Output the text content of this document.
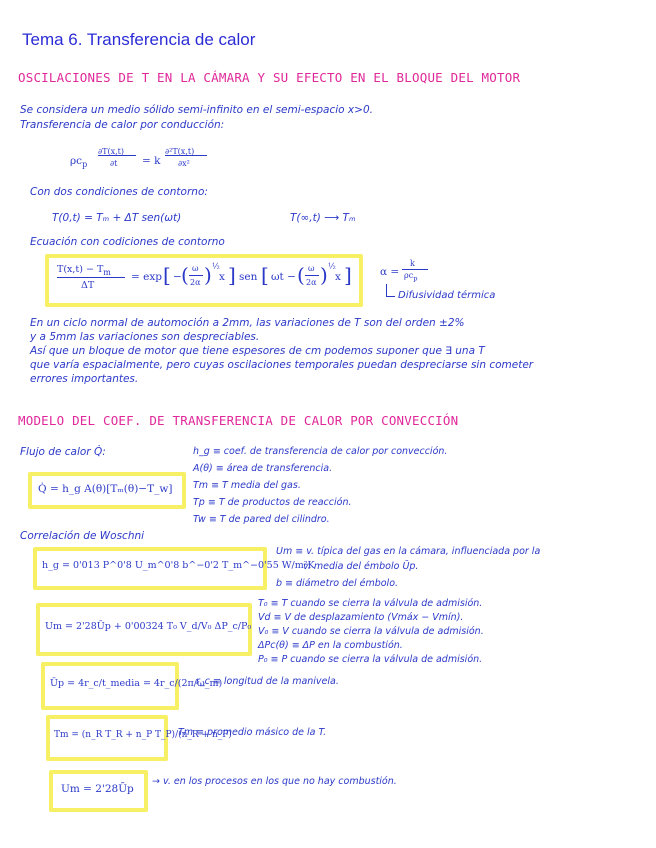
Tema 6. Transferencia de calor
OSCILACIONES DE T EN LA CÁMARA Y SU EFECTO EN EL BLOQUE DEL MOTOR
Se considera un medio sólido semi-infinito en el semi-espacio x>0.
Transferencia de calor por conducción:
$\rho c_p$
∂T(x,t)
∂t = k
∂²T(x,t)
∂x²
Con dos condiciones de contorno:
T(0,t) = Tₘ + ΔT sen(ωt)	T(∞,t) ⟶ Tₘ
Ecuación con codiciones de contorno
$T(x,t) - T_m$
ΔT
= exp [ − ( ω
2α ) ½
x ] sen [ ωt − ( ω
2α ) ½
x ]	α =
k
$\rho c_p$
Difusividad térmica
En un ciclo normal de automoción a 2mm, las variaciones de T son del orden ±2%
y a 5mm las variaciones son despreciables.
Así que un bloque de motor que tiene espesores de cm podemos suponer que ∃ una T
que varía espacialmente, pero cuyas oscilaciones temporales puedan despreciarse sin cometer
errores importantes.
MODELO DEL COEF. DE TRANSFERENCIA DE CALOR POR CONVECCIÓN
Flujo de calor Q̇:
Q̇ = h_g A(θ)[Tₘ(θ)−T_w]
h_g ≡ coef. de transferencia de calor por convección.
A(θ) ≡ área de transferencia.
Tm ≡ T media del gas.
Tp ≡ T de productos de reacción.
Tw ≡ T de pared del cilindro.
Correlación de Woschni
h_g = 0'013 P^0'8 U_m^0'8 b^−0'2 T_m^−0'55 W/m²K
Um ≡ v. típica del gas en la cámara, influenciada por la
v. media del émbolo Ūp.
b ≡ diámetro del émbolo.
Um = 2'28Ūp + 0'00324 T₀ V_d/V₀ ΔP_c/P₀
T₀ ≡ T cuando se cierra la válvula de admisión.
Vd ≡ V de desplazamiento (Vmáx − Vmín).
V₀ ≡ V cuando se cierra la válvula de admisión.
ΔPc(θ) ≡ ΔP en la combustión.
P₀ ≡ P cuando se cierra la válvula de admisión.
Ūp = 4r_c/t_media = 4r_c/(2π/ω_m)
r_c ≡ longitud de la manivela.
Tm = (n_R T_R + n_P T_P)/(n_R + n_P)
Tm ≡ promedio másico de la T.
Um = 2'28Ūp
→ v. en los procesos en los que no hay combustión.
